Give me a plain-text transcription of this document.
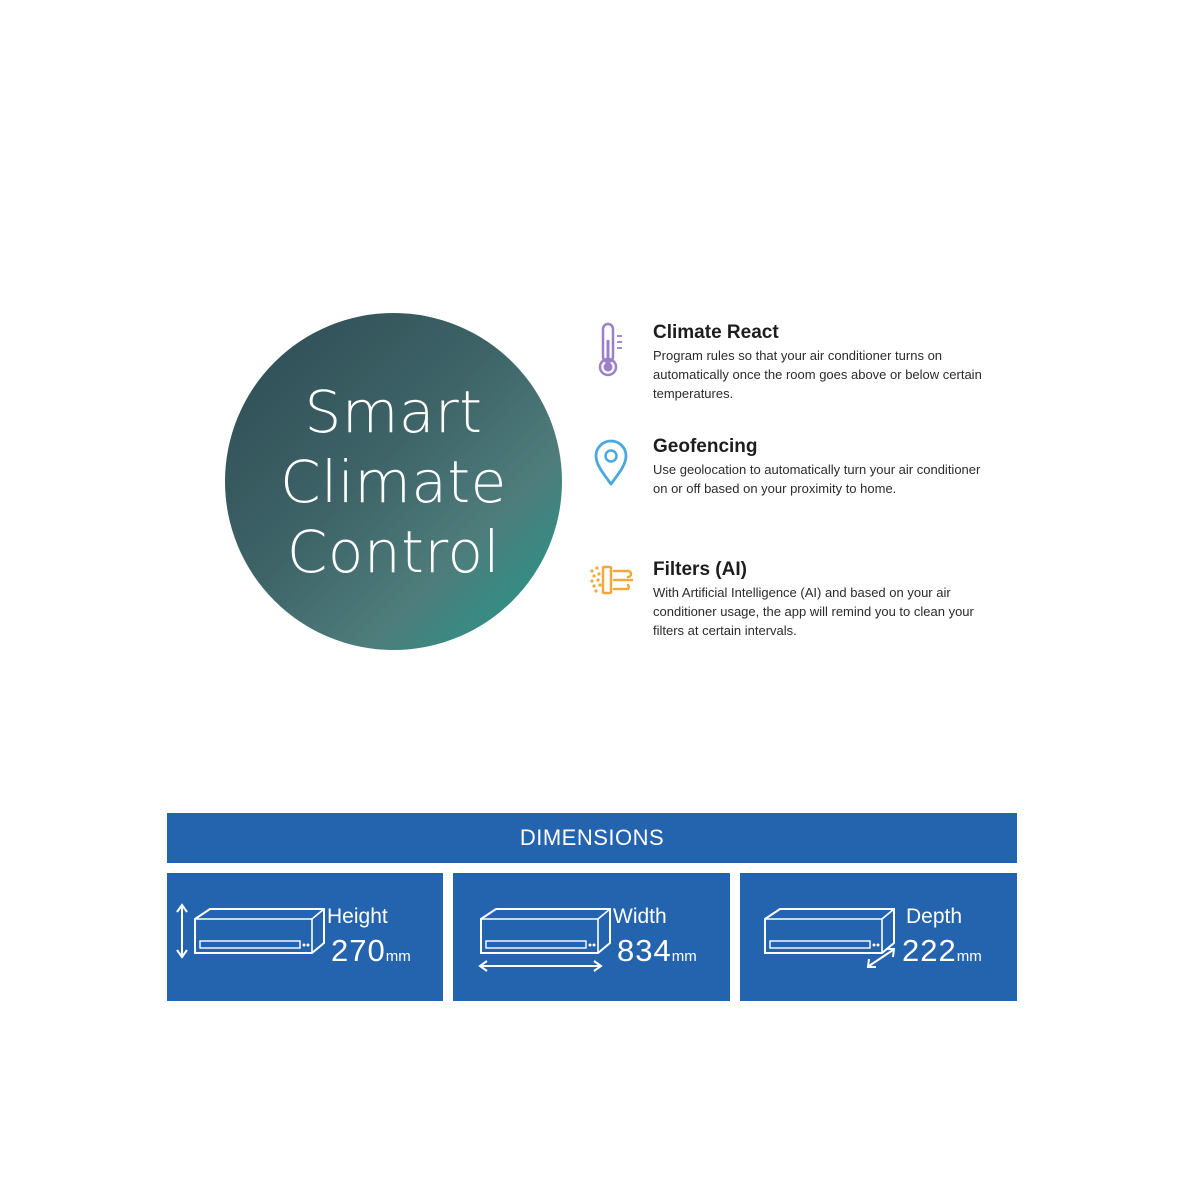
Smart
Climate
Control

Climate React

Program rules so that your air conditioner turns on automatically once the room goes above or below certain temperatures.

Geofencing

Use geolocation to automatically turn your air conditioner on or off based on your proximity to home.

Filters (AI)

With Artificial Intelligence (AI) and based on your air conditioner usage, the app will remind you to clean your filters at certain intervals.

DIMENSIONS
Height
270mm
Width
834mm
Depth
222mm
